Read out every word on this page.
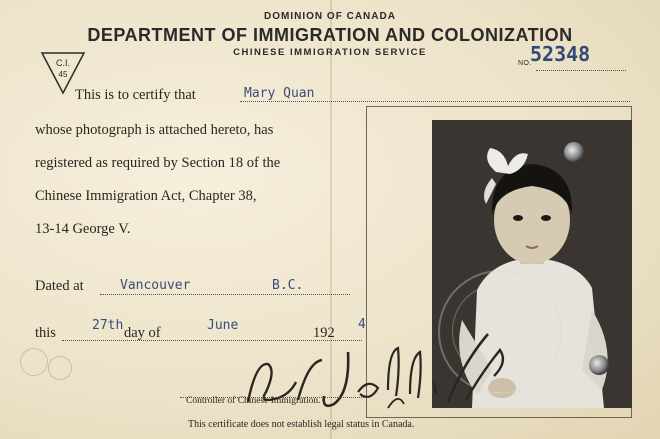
DOMINION OF CANADA
DEPARTMENT OF IMMIGRATION AND COLONIZATION
CHINESE IMMIGRATION SERVICE
C.I.
45
52348
NO.
This is to certify that	Mary Quan
whose photograph is attached hereto, has
registered as required by Section 18 of the
Chinese Immigration Act, Chapter 38,
13-14 George V.
Dated at	Vancouver	B.C.
this	27th day of	June	192
4
Controller of Chinese Immigration.
This certificate does not establish legal status in Canada.
